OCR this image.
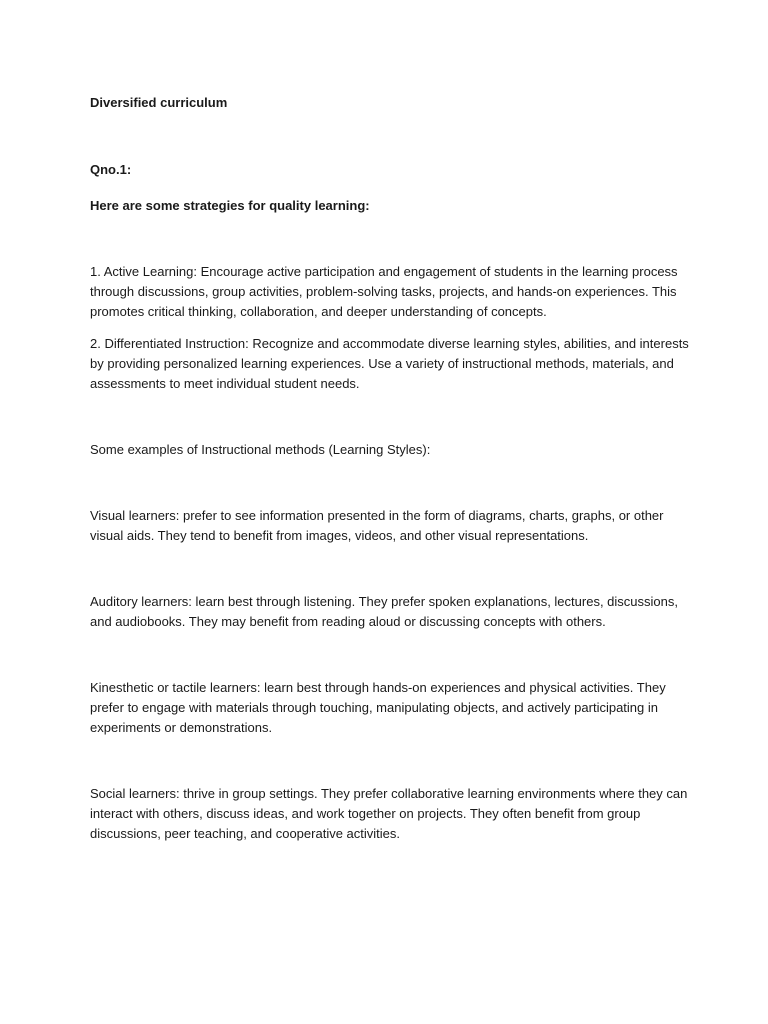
Diversified curriculum

Qno.1:

Here are some strategies for quality learning:

1. Active Learning: Encourage active participation and engagement of students in the learning process

through discussions, group activities, problem-solving tasks, projects, and hands-on experiences. This

promotes critical thinking, collaboration, and deeper understanding of concepts.

2. Differentiated Instruction: Recognize and accommodate diverse learning styles, abilities, and interests

by providing personalized learning experiences. Use a variety of instructional methods, materials, and

assessments to meet individual student needs.

Some examples of Instructional methods (Learning Styles):

Visual learners: prefer to see information presented in the form of diagrams, charts, graphs, or other

visual aids. They tend to benefit from images, videos, and other visual representations.

Auditory learners: learn best through listening. They prefer spoken explanations, lectures, discussions,

and audiobooks. They may benefit from reading aloud or discussing concepts with others.

Kinesthetic or tactile learners: learn best through hands-on experiences and physical activities. They

prefer to engage with materials through touching, manipulating objects, and actively participating in

experiments or demonstrations.

Social learners: thrive in group settings. They prefer collaborative learning environments where they can

interact with others, discuss ideas, and work together on projects. They often benefit from group

discussions, peer teaching, and cooperative activities.
